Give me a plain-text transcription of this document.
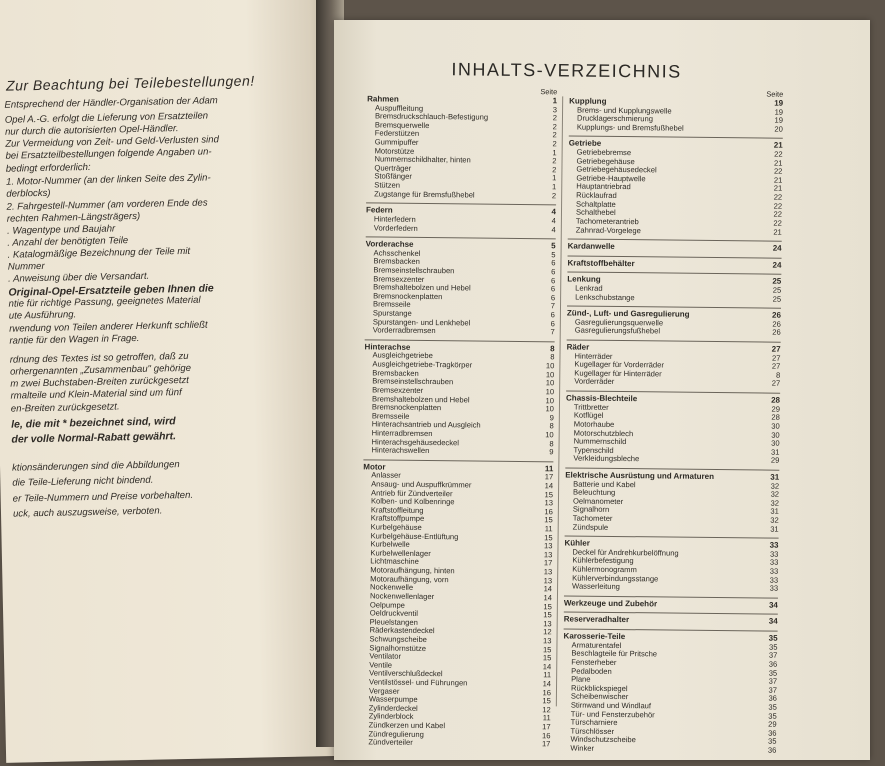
Zur Beachtung bei Teilebestellungen!
Entsprechend der Händler-Organisation der Adam
Opel A.-G. erfolgt die Lieferung von Ersatzteilen
nur durch die autorisierten Opel-Händler.
Zur Vermeidung von Zeit- und Geld-Verlusten sind
bei Ersatzteilbestellungen folgende Angaben un-
bedingt erforderlich:
1. Motor-Nummer (an der linken Seite des Zylin-
derblocks)
2. Fahrgestell-Nummer (am vorderen Ende des
rechten Rahmen-Längsträgers)
. Wagentype und Baujahr
. Anzahl der benötigten Teile
. Katalogmäßige Bezeichnung der Teile mit
Nummer
. Anweisung über die Versandart.
Original-Opel-Ersatzteile geben Ihnen die
ntie für richtige Passung, geeignetes Material
ute Ausführung.
rwendung von Teilen anderer Herkunft schließt
rantie für den Wagen in Frage.
rdnung des Textes ist so getroffen, daß zu
orhergenannten „Zusammenbau" gehörige
m zwei Buchstaben-Breiten zurückgesetzt
rmalteile und Klein-Material sind um fünf
en-Breiten zurückgesetzt.
le, die mit * bezeichnet sind, wird
der volle Normal-Rabatt gewährt.
ktionsänderungen sind die Abbildungen
die Teile-Lieferung nicht bindend.
er Teile-Nummern und Preise vorbehalten.
uck, auch auszugsweise, verboten.
INHALTS-VERZEICHNIS
Seite
Rahmen	1
Auspuffleitung	3
Bremsdruckschlauch-Befestigung	2
Bremsquerwelle	2
Federstützen	2
Gummipuffer	2
Motorstütze	1
Nummernschildhalter, hinten	2
Querträger	2
Stoßfänger	1
Stützen	1
Zugstange für Bremsfußhebel	2
Federn	4
Hinterfedern	4
Vorderfedern	4
Vorderachse	5
Achsschenkel	5
Bremsbacken	6
Bremseinstellschrauben	6
Bremsexzenter	6
Bremshaltebolzen und Hebel	6
Bremsnockenplatten	6
Bremsseile	7
Spurstange	6
Spurstangen- und Lenkhebel	6
Vorderradbremsen	7
Hinterachse	8
Ausgleichgetriebe	8
Ausgleichgetriebe-Tragkörper	10
Bremsbacken	10
Bremseinstellschrauben	10
Bremsexzenter	10
Bremshaltebolzen und Hebel	10
Bremsnockenplatten	10
Bremsseile	9
Hinterachsantrieb und Ausgleich	8
Hinterradbremsen	10
Hinterachsgehäusedeckel	8
Hinterachswellen	9
Motor	11
Anlasser	17
Ansaug- und Auspuffkrümmer	14
Antrieb für Zündverteiler	15
Kolben- und Kolbenringe	13
Kraftstoffleitung	16
Kraftstoffpumpe	15
Kurbelgehäuse	11
Kurbelgehäuse-Entlüftung	15
Kurbelwelle	13
Kurbelwellenlager	13
Lichtmaschine	17
Motoraufhängung, hinten	13
Motoraufhängung, vorn	13
Nockenwelle	14
Nockenwellenlager	14
Oelpumpe	15
Oeldruckventil	15
Pleuelstangen	13
Räderkastendeckel	12
Schwungscheibe	13
Signalhornstütze	15
Ventilator	15
Ventile	14
Ventilverschlußdeckel	11
Ventilstössel- und Führungen	14
Vergaser	16
Wasserpumpe	15
Zylinderdeckel	12
Zylinderblock	11
Zündkerzen und Kabel	17
Zündregulierung	16
Zündverteiler	17
Seite
Kupplung	19
Brems- und Kupplungswelle	19
Drucklagerschmierung	19
Kupplungs- und Bremsfußhebel	20
Getriebe	21
Getriebebremse	22
Getriebegehäuse	21
Getriebegehäusedeckel	22
Getriebe-Hauptwelle	21
Hauptantriebrad	21
Rücklaufrad	22
Schaltplatte	22
Schalthebel	22
Tachometerantrieb	22
Zahnrad-Vorgelege	21
Kardanwelle	24
Kraftstoffbehälter	24
Lenkung	25
Lenkrad	25
Lenkschubstange	25
Zünd-, Luft- und Gasregulierung	26
Gasregulierungsquerwelle	26
Gasregulierungsfußhebel	26
Räder	27
Hinterräder	27
Kugellager für Vorderräder	27
Kugellager für Hinterräder	8
Vorderräder	27
Chassis-Blechteile	28
Trittbretter	29
Kotflügel	28
Motorhaube	30
Motorschutzblech	30
Nummernschild	30
Typenschild	31
Verkleidungsbleche	29
Elektrische Ausrüstung und Armaturen	31
Batterie und Kabel	32
Beleuchtung	32
Oelmanometer	32
Signalhorn	31
Tachometer	32
Zündspule	31
Kühler	33
Deckel für Andrehkurbelöffnung	33
Kühlerbefestigung	33
Kühlermonogramm	33
Kühlerverbindungsstange	33
Wasserleitung	33
Werkzeuge und Zubehör	34
Reserveradhalter	34
Karosserie-Teile	35
Armaturentafel	35
Beschlagteile für Pritsche	37
Fensterheber	36
Pedalboden	35
Plane	37
Rückblickspiegel	37
Scheibenwischer	36
Stirnwand und Windlauf	35
Tür- und Fensterzubehör	35
Türscharniere	29
Türschlösser	36
Windschutzscheibe	35
Winker	36
